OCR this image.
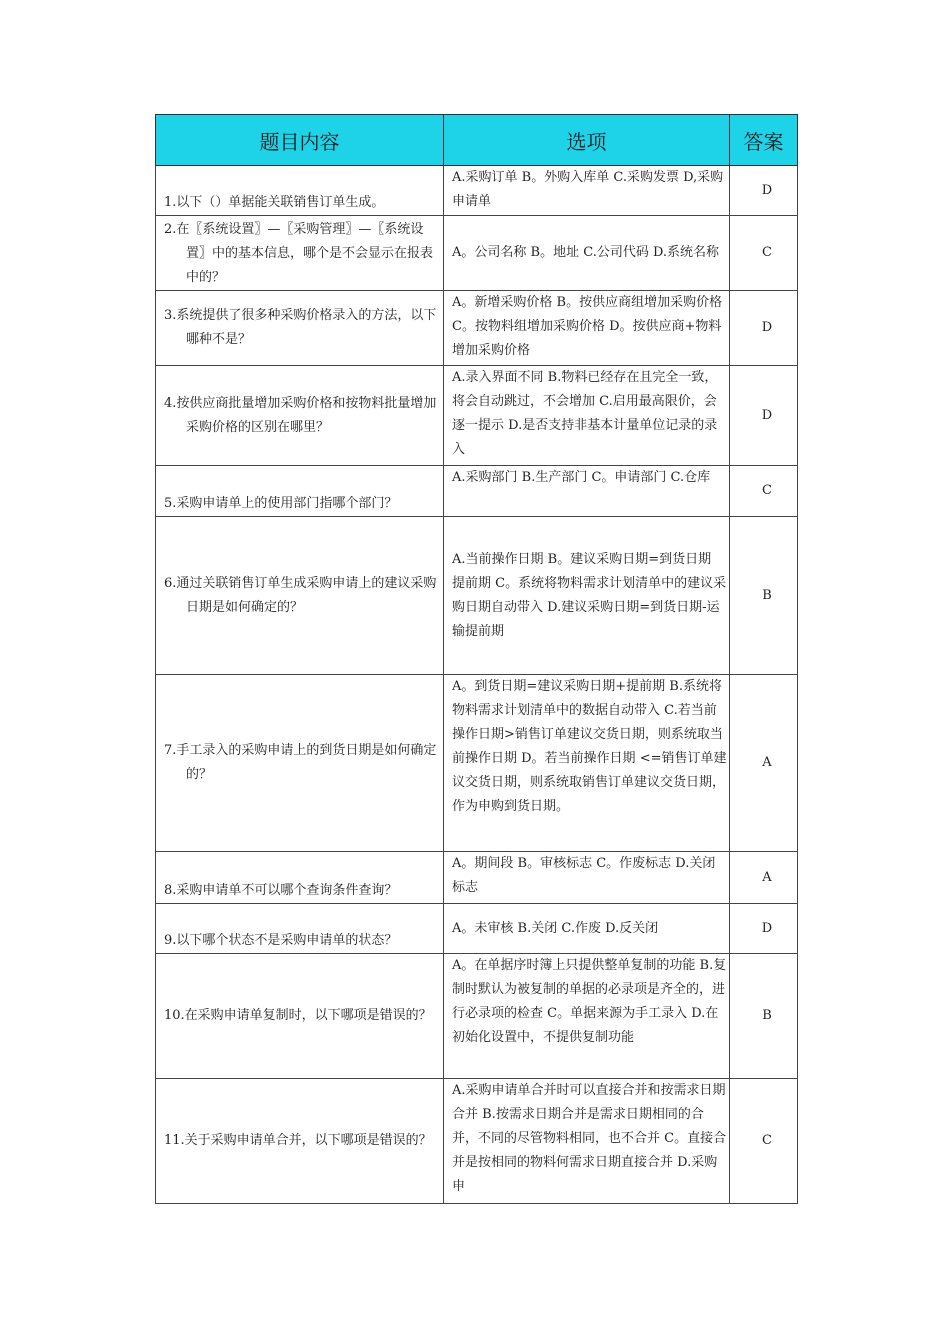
题目内容	选项	答案

1.以下（）单据能关联销售订单生成。	A.采购订单 B。外购入库单 C.采购发票 D,采购申请单	D

2.在〖系统设置〗—〖采购管理〗—〖系统设置〗中的基本信息，哪个是不会显示在报表中的？	A。公司名称 B。地址 C.公司代码 D.系统名称	C

3.系统提供了很多种采购价格录入的方法，以下哪种不是？	A。新增采购价格 B。按供应商组增加采购价格 C。按物料组增加采购价格 D。按供应商+物料增加采购价格	D

4.按供应商批量增加采购价格和按物料批量增加采购价格的区别在哪里？	A.录入界面不同 B.物料已经存在且完全一致，将会自动跳过，不会增加 C.启用最高限价，会逐一提示 D.是否支持非基本计量单位记录的录入	D

5.采购申请单上的使用部门指哪个部门？	A.采购部门 B.生产部门 C。申请部门 C.仓库	C

6.通过关联销售订单生成采购申请上的建议采购日期是如何确定的？	A.当前操作日期 B。建议采购日期=到货日期 提前期 C。系统将物料需求计划清单中的建议采购日期自动带入 D.建议采购日期=到货日期-运输提前期	B

7.手工录入的采购申请上的到货日期是如何确定的？	A。到货日期=建议采购日期+提前期 B.系统将物料需求计划清单中的数据自动带入 C.若当前操作日期>销售订单建议交货日期，则系统取当前操作日期 D。若当前操作日期 <=销售订单建议交货日期，则系统取销售订单建议交货日期，作为申购到货日期。	A

8.采购申请单不可以哪个查询条件查询？	A。期间段 B。审核标志 C。作废标志 D.关闭标志	A

9.以下哪个状态不是采购申请单的状态？	A。未审核 B.关闭 C.作废 D.反关闭	D

10.在采购申请单复制时，以下哪项是错误的？	A。在单据序时簿上只提供整单复制的功能 B.复制时默认为被复制的单据的必录项是齐全的，进行必录项的检查 C。单据来源为手工录入 D.在初始化设置中，不提供复制功能	B

11.关于采购申请单合并，以下哪项是错误的？	A.采购申请单合并时可以直接合并和按需求日期合并 B.按需求日期合并是需求日期相同的合并，不同的尽管物料相同，也不合并 C。直接合并是按相同的物料何需求日期直接合并 D.采购申	C
